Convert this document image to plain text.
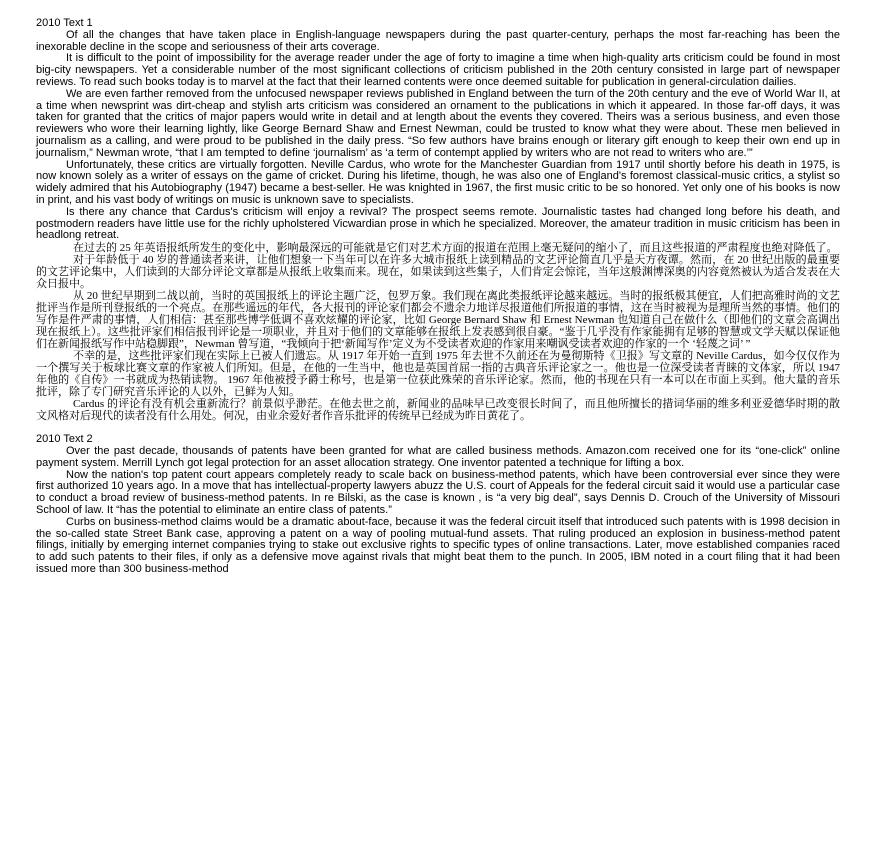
2010 Text 1

Of all the changes that have taken place in English-language newspapers during the past quarter-century, perhaps the most far-reaching has been the inexorable decline in the scope and seriousness of their arts coverage.

It is difficult to the point of impossibility for the average reader under the age of forty to imagine a time when high-quality arts criticism could be found in most big-city newspapers. Yet a considerable number of the most significant collections of criticism published in the 20th century consisted in large part of newspaper reviews. To read such books today is to marvel at the fact that their learned contents were once deemed suitable for publication in general-circulation dailies.

We are even farther removed from the unfocused newspaper reviews published in England between the turn of the 20th century and the eve of World War II, at a time when newsprint was dirt-cheap and stylish arts criticism was considered an ornament to the publications in which it appeared. In those far-off days, it was taken for granted that the critics of major papers would write in detail and at length about the events they covered. Theirs was a serious business, and even those reviewers who wore their learning lightly, like George Bernard Shaw and Ernest Newman, could be trusted to know what they were about. These men believed in journalism as a calling, and were proud to be published in the daily press. “So few authors have brains enough or literary gift enough to keep their own end up in journalism,” Newman wrote, “that I am tempted to define ‘journalism’ as ‘a term of contempt applied by writers who are not read to writers who are.’”

Unfortunately, these critics are virtually forgotten. Neville Cardus, who wrote for the Manchester Guardian from 1917 until shortly before his death in 1975, is now known solely as a writer of essays on the game of cricket. During his lifetime, though, he was also one of England's foremost classical-music critics, a stylist so widely admired that his Autobiography (1947) became a best-seller. He was knighted in 1967, the first music critic to be so honored. Yet only one of his books is now in print, and his vast body of writings on music is unknown save to specialists.

Is there any chance that Cardus's criticism will enjoy a revival? The prospect seems remote. Journalistic tastes had changed long before his death, and postmodern readers have little use for the richly upholstered Vicwardian prose in which he specialized. Moreover, the amateur tradition in music criticism has been in headlong retreat.

在过去的 25 年英语报纸所发生的变化中，影响最深远的可能就是它们对艺术方面的报道在范围上毫无疑问的缩小了，而且这些报道的严肃程度也绝对降低了。

对于年龄低于 40 岁的普通读者来讲，让他们想象一下当年可以在许多大城市报纸上读到精品的文艺评论简直几乎是天方夜谭。然而，在 20 世纪出版的最重要的文艺评论集中，人们读到的大部分评论文章都是从报纸上收集而来。现在，如果读到这些集子，人们肯定会惊诧，当年这般渊博深奥的内容竟然被认为适合发表在大众日报中。

从 20 世纪早期到二战以前，当时的英国报纸上的评论主题广泛，包罗万象。我们现在离此类报纸评论越来越远。当时的报纸极其便宜，人们把高雅时尚的文艺批评当作是所刊登报纸的一个亮点。在那些遥远的年代，各大报刊的评论家们都会不遗余力地详尽报道他们所报道的事情，这在当时被视为是理所当然的事情。他们的写作是件严肃的事情，人们相信：甚至那些博学低调不喜欢炫耀的评论家，比如 George Bernard Shaw 和 Ernest Newman 也知道自己在做什么（即他们的文章会高调出现在报纸上）。这些批评家们相信报刊评论是一项职业，并且对于他们的文章能够在报纸上发表感到很自豪。“鉴于几乎没有作家能拥有足够的智慧或文学天赋以保证他们在新闻报纸写作中站稳脚跟”，Newman 曾写道，“我倾向于把‘新闻写作’定义为不受读者欢迎的作家用来嘲讽受读者欢迎的作家的一个 ‘轻蔑之词’ ”

不幸的是，这些批评家们现在实际上已被人们遗忘。从 1917 年开始一直到 1975 年去世不久前还在为曼彻斯特《卫报》写文章的 Neville Cardus，如今仅仅作为一个撰写关于板球比赛文章的作家被人们所知。但是，在他的一生当中，他也是英国首屈一指的古典音乐评论家之一。他也是一位深受读者青睐的文体家，所以 1947 年他的《自传》一书就成为热销读物。 1967 年他被授予爵士称号，也是第一位获此殊荣的音乐评论家。然而，他的书现在只有一本可以在市面上买到。他大量的音乐批评，除了专门研究音乐评论的人以外，已鲜为人知。

Cardus 的评论有没有机会重新流行？前景似乎渺茫。在他去世之前，新闻业的品味早已改变很长时间了，而且他所擅长的措词华丽的维多利亚爱德华时期的散文风格对后现代的读者没有什么用处。何况，由业余爱好者作音乐批评的传统早已经成为昨日黄花了。

2010 Text 2

Over the past decade, thousands of patents have been granted for what are called business methods. Amazon.com received one for its “one-click” online payment system. Merrill Lynch got legal protection for an asset allocation strategy. One inventor patented a technique for lifting a box.

Now the nation's top patent court appears completely ready to scale back on business-method patents, which have been controversial ever since they were first authorized 10 years ago. In a move that has intellectual-property lawyers abuzz the U.S. court of Appeals for the federal circuit said it would use a particular case to conduct a broad review of business-method patents. In re Bilski, as the case is known , is “a very big deal”, says Dennis D. Crouch of the University of Missouri School of law. It “has the potential to eliminate an entire class of patents.”

Curbs on business-method claims would be a dramatic about-face, because it was the federal circuit itself that introduced such patents with is 1998 decision in the so-called state Street Bank case, approving a patent on a way of pooling mutual-fund assets. That ruling produced an explosion in business-method patent filings, initially by emerging internet companies trying to stake out exclusive rights to specific types of online transactions. Later, move established companies raced to add such patents to their files, if only as a defensive move against rivals that might beat them to the punch. In 2005, IBM noted in a court filing that it had been issued more than 300 business-method
